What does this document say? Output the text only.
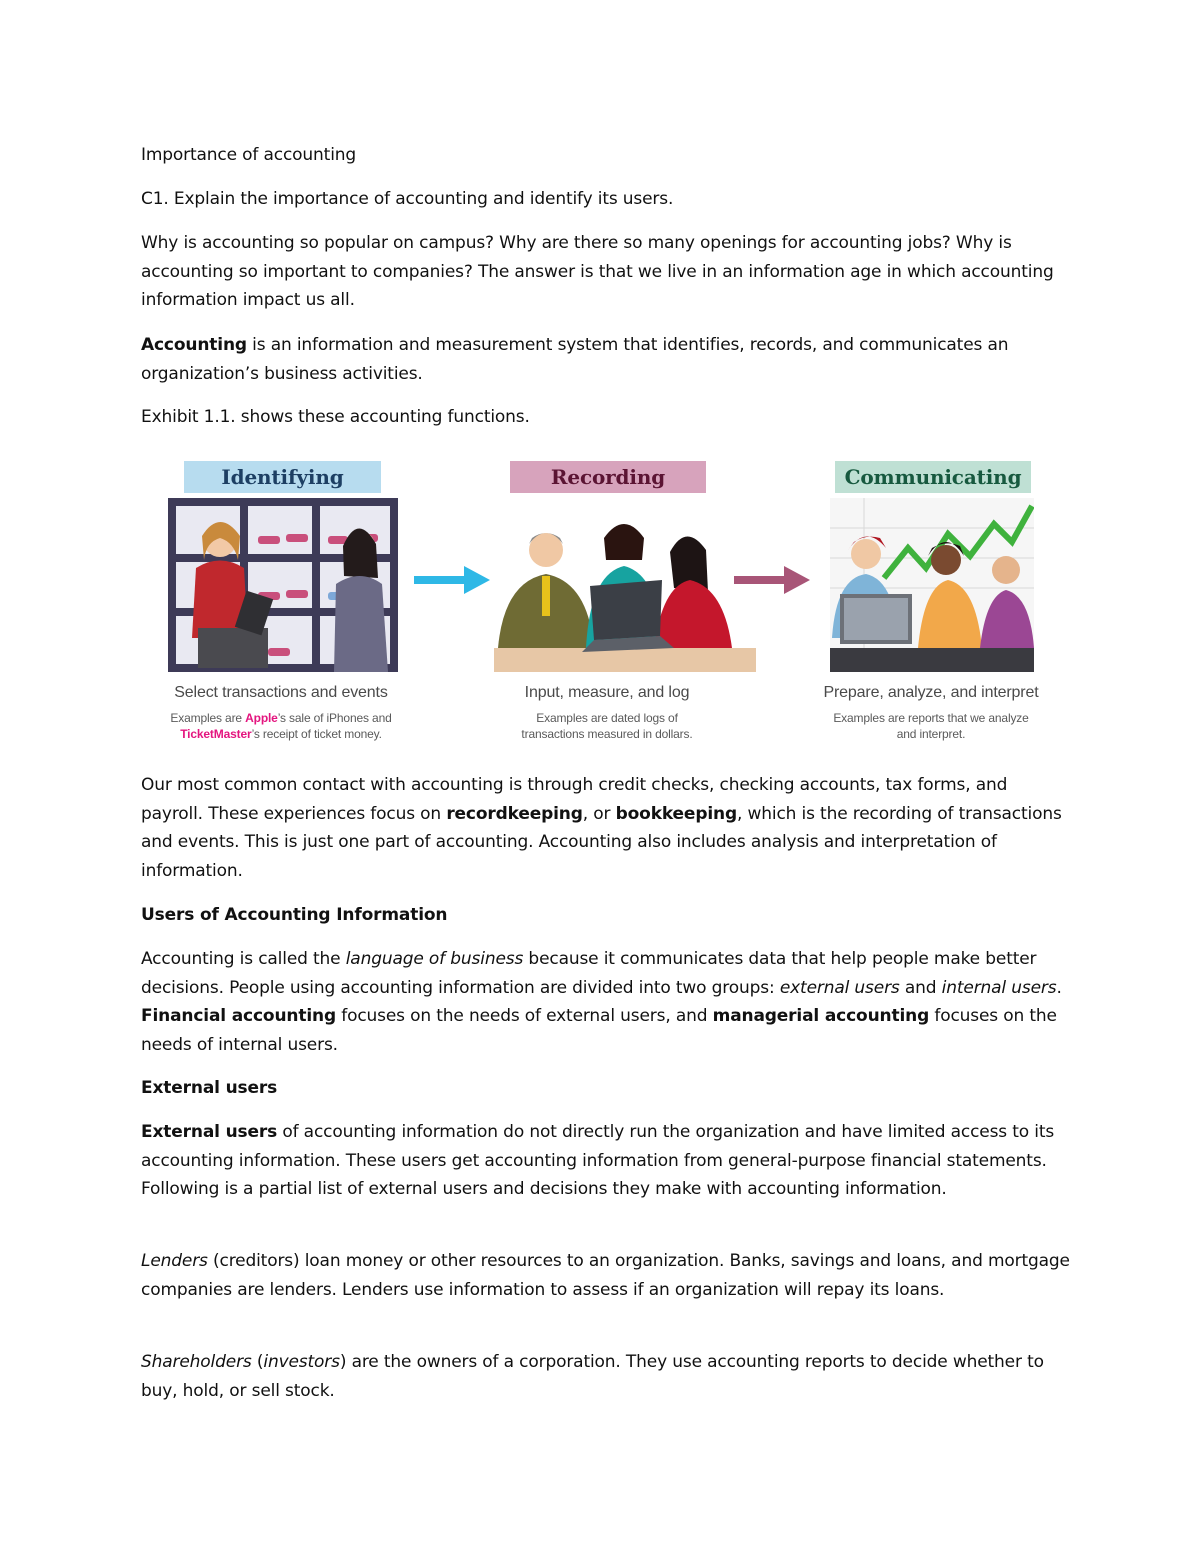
Importance of accounting

C1. Explain the importance of accounting and identify its users.

Why is accounting so popular on campus? Why are there so many openings for accounting jobs? Why is accounting so important to companies? The answer is that we live in an information age in which accounting information impact us all.

Accounting is an information and measurement system that identifies, records, and communicates an organization’s business activities.

Exhibit 1.1. shows these accounting functions.

Identifying	Recording	Communicating
Select transactions and events
Examples are Apple’s sale of iPhones and
TicketMaster’s receipt of ticket money.
Input, measure, and log
Examples are dated logs of
transactions measured in dollars.
Prepare, analyze, and interpret
Examples are reports that we analyze
and interpret.

Our most common contact with accounting is through credit checks, checking accounts, tax forms, and payroll. These experiences focus on recordkeeping, or bookkeeping, which is the recording of transactions and events. This is just one part of accounting. Accounting also includes analysis and interpretation of information.

Users of Accounting Information

Accounting is called the language of business because it communicates data that help people make better decisions. People using accounting information are divided into two groups: external users and internal users. Financial accounting focuses on the needs of external users, and managerial accounting focuses on the needs of internal users.

External users

External users of accounting information do not directly run the organization and have limited access to its accounting information. These users get accounting information from general-purpose financial statements. Following is a partial list of external users and decisions they make with accounting information.

Lenders (creditors) loan money or other resources to an organization. Banks, savings and loans, and mortgage companies are lenders. Lenders use information to assess if an organization will repay its loans.

Shareholders (investors) are the owners of a corporation. They use accounting reports to decide whether to buy, hold, or sell stock.
